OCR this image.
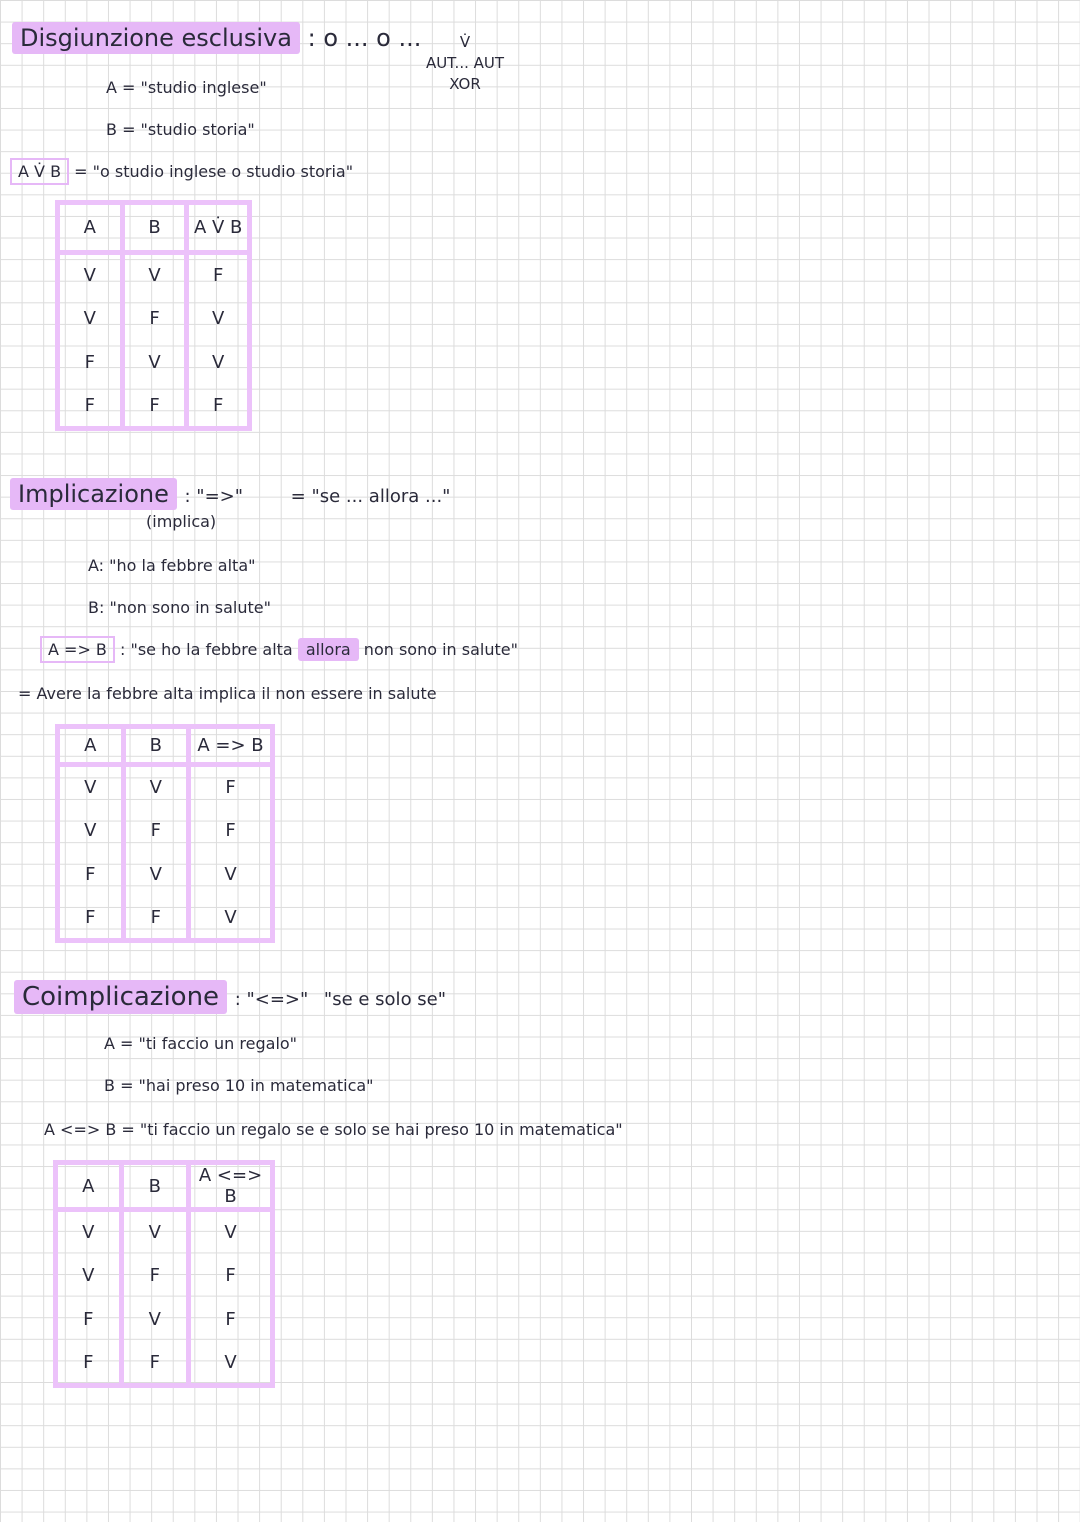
Disgiunzione esclusiva : o ... o ...	V̇
AUT... AUT
XOR
A = "studio inglese"
B = "studio storia"
A V̇ B = "o studio inglese o studio storia"
A	B	A V̇ B
V	V	F
V	F	V
F	V	V
F	F	F
Implicazione : "=>"	= "se ... allora ..."
(implica)
A: "ho la febbre alta"
B: "non sono in salute"
A => B : "se ho la febbre alta allora non sono in salute"
= Avere la febbre alta implica il non essere in salute
A	B	A => B
V	V	F
V	F	F
F	V	V
F	F	V
Coimplicazione : "<=>" "se e solo se"
A = "ti faccio un regalo"
B = "hai preso 10 in matematica"
A <=> B = "ti faccio un regalo se e solo se hai preso 10 in matematica"
A	B	A <=> B
V	V	V
V	F	F
F	V	F
F	F	V
